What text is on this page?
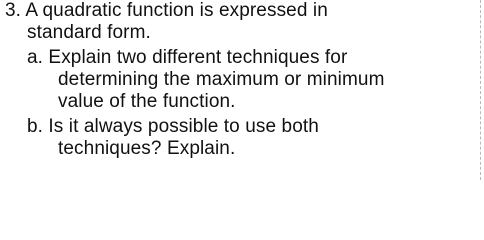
3. A quadratic function is expressed in
standard form.
a. Explain two different techniques for
determining the maximum or minimum
value of the function.
b. Is it always possible to use both
techniques? Explain.
